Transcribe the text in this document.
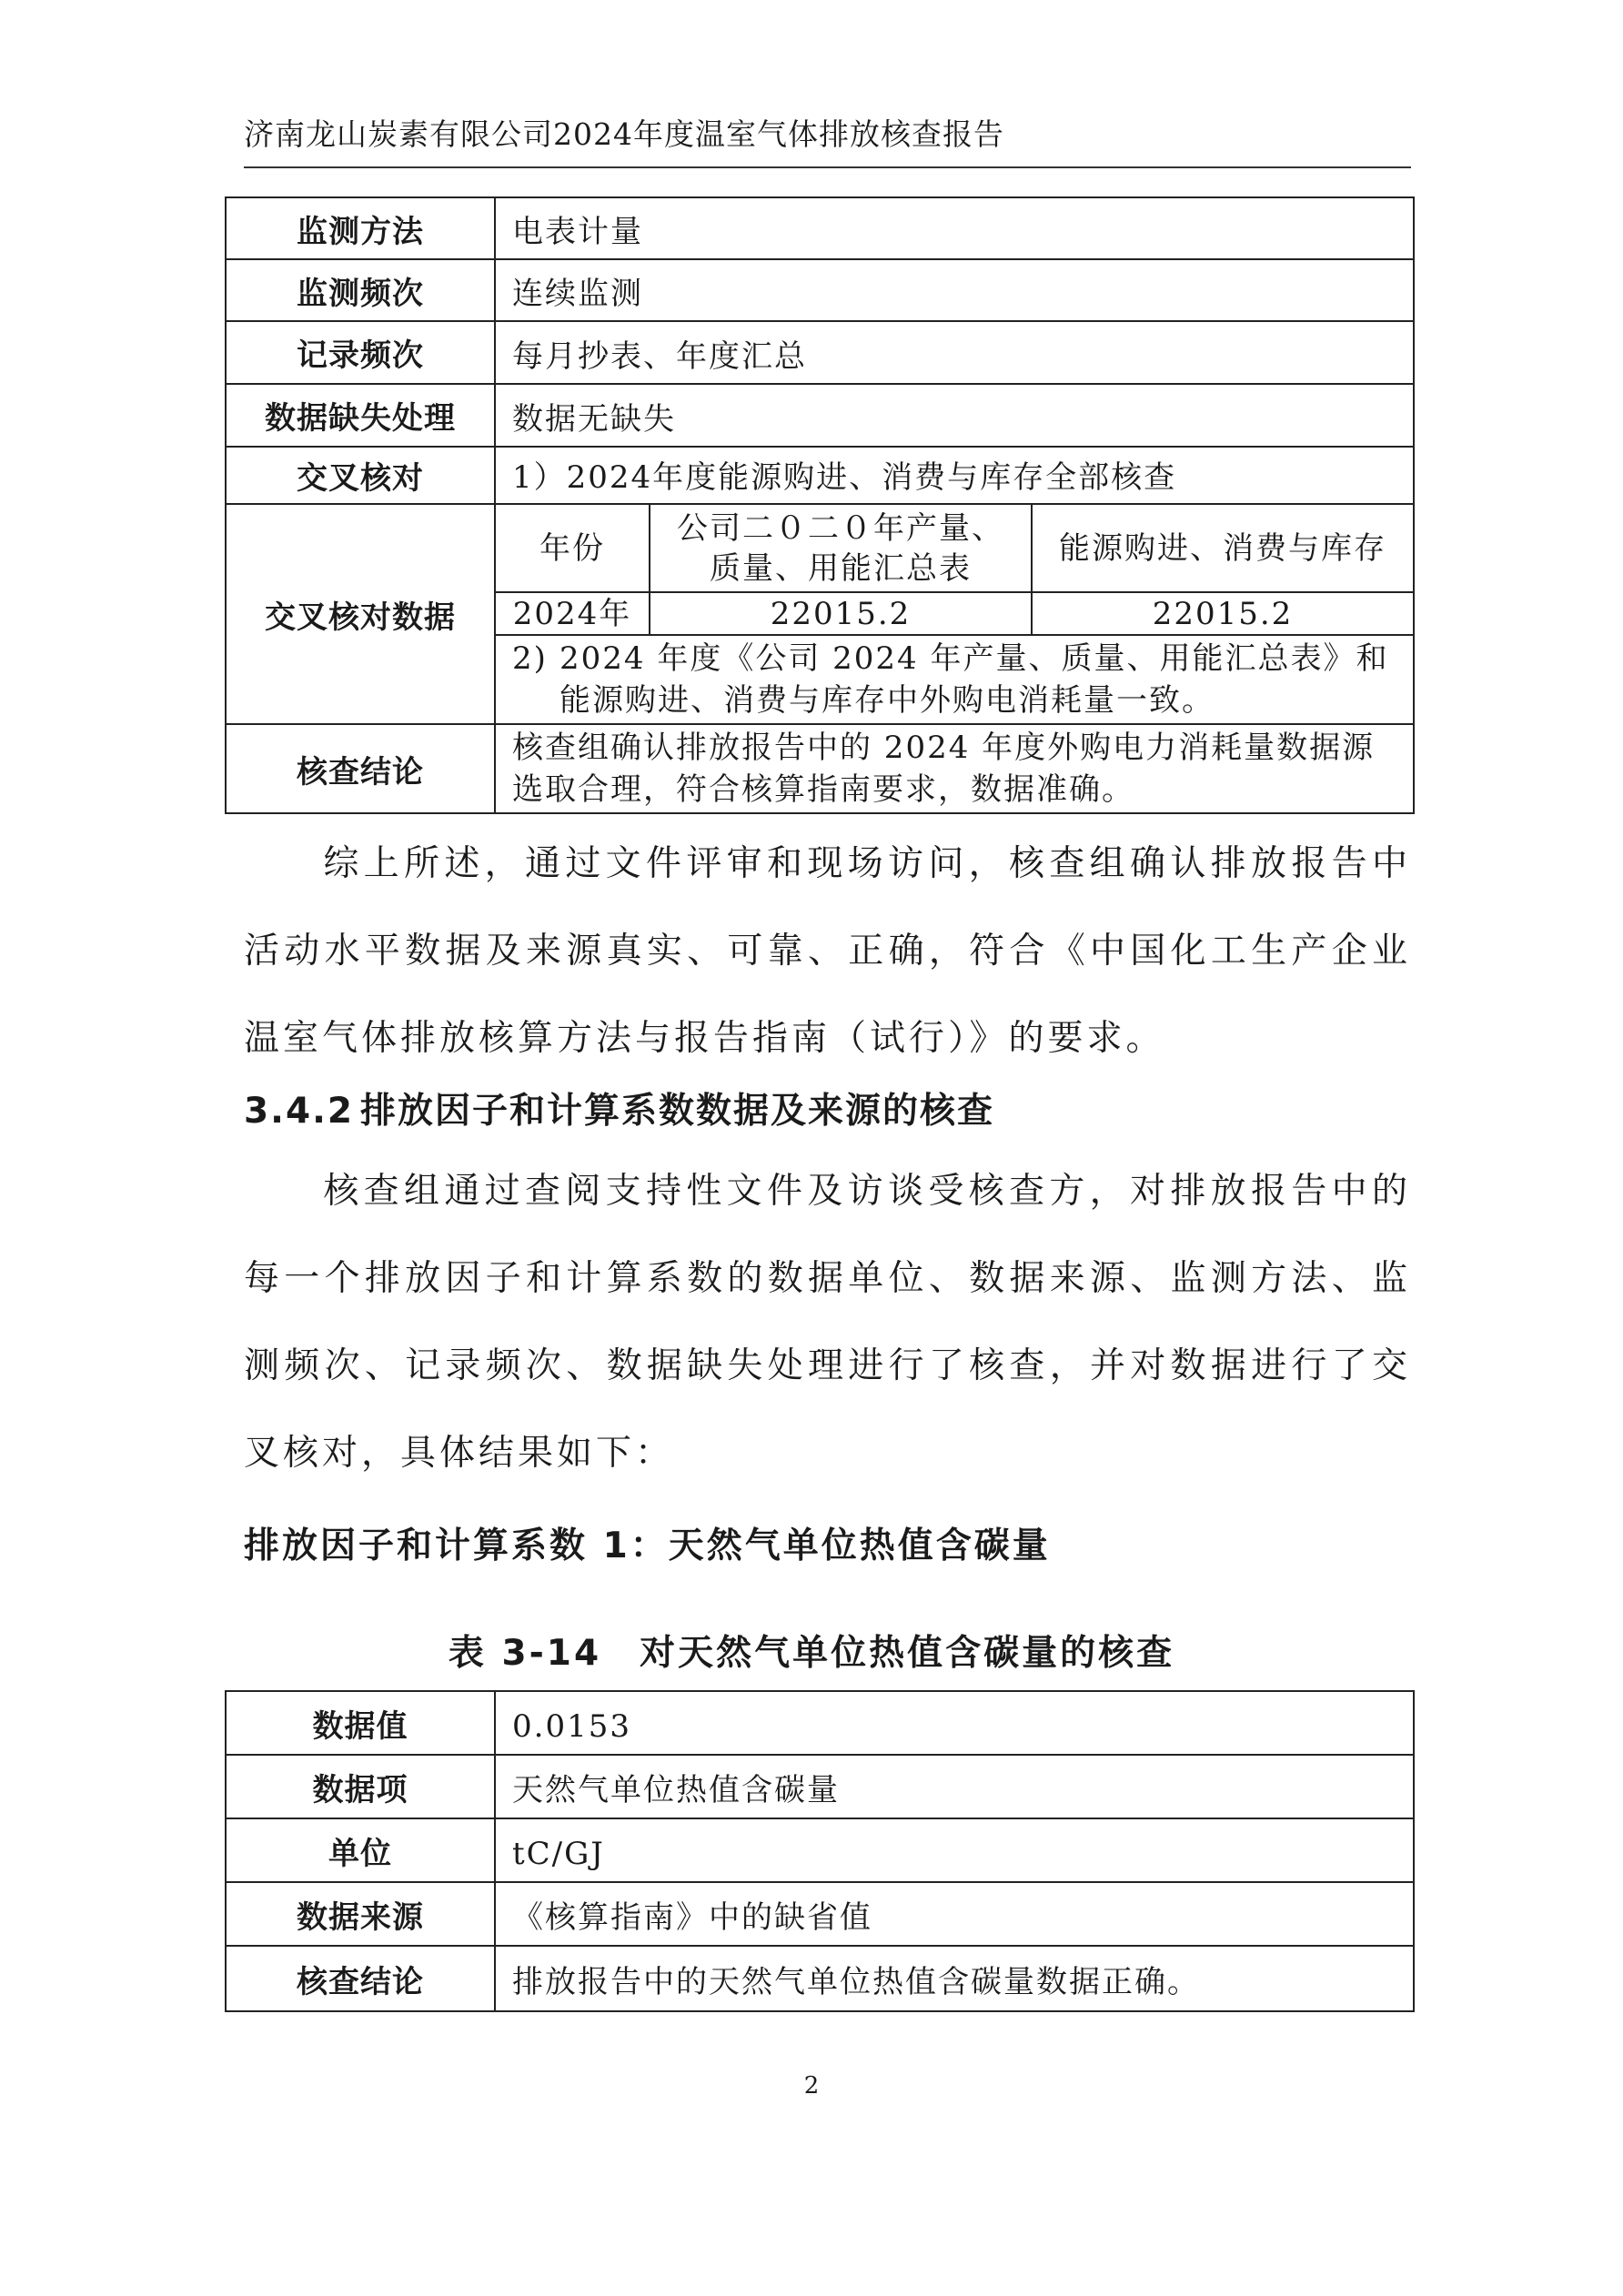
济南龙山炭素有限公司2024年度温室气体排放核查报告
监测方法	电表计量		
监测频次	连续监测		
记录频次	每月抄表、年度汇总		
数据缺失处理	数据无缺失		
交叉核对	1）2024年度能源购进、消费与库存全部核查		
交叉核对数据	年份	公司二０二０年产量、质量、用能汇总表	能源购进、消费与库存
	2024年	22015.2	22015.2

	2) 2024 年度《公司 2024 年产量、质量、用能汇总表》和能源购进、消费与库存中外购电消耗量一致。		

核查结论	核查组确认排放报告中的 2024 年度外购电力消耗量数据源选取合理，符合核算指南要求，数据准确。		
综上所述，通过文件评审和现场访问，核查组确认排放报告中活动水平数据及来源真实、可靠、正确，符合《中国化工生产企业温室气体排放核算方法与报告指南（试行）》的要求。
3.4.2 排放因子和计算系数数据及来源的核查
核查组通过查阅支持性文件及访谈受核查方，对排放报告中的每一个排放因子和计算系数的数据单位、数据来源、监测方法、监测频次、记录频次、数据缺失处理进行了核查，并对数据进行了交叉核对，具体结果如下：
排放因子和计算系数 1：天然气单位热值含碳量
表 3-14　对天然气单位热值含碳量的核查
数据值	0.0153
数据项	天然气单位热值含碳量
单位	tC/GJ
数据来源	《核算指南》中的缺省值
核查结论	排放报告中的天然气单位热值含碳量数据正确。
2
